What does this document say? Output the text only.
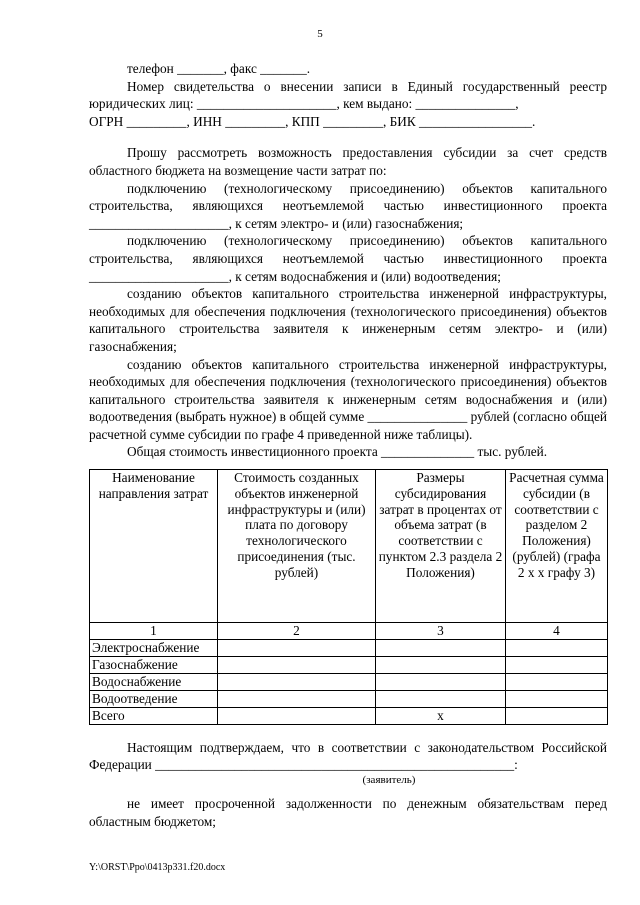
5

телефон _______, факс _______.

Номер свидетельства о внесении записи в Единый государственный реестр юридических лиц: _____________________, кем выдано: _______________,

ОГРН _________, ИНН _________, КПП _________, БИК _________________.

Прошу рассмотреть возможность предоставления субсидии за счет средств областного бюджета на возмещение части затрат по:

подключению (технологическому присоединению) объектов капитального строительства, являющихся неотъемлемой частью инвестиционного проекта _____________________, к сетям электро- и (или) газоснабжения;

подключению (технологическому присоединению) объектов капитального строительства, являющихся неотъемлемой частью инвестиционного проекта _____________________, к сетям водоснабжения и (или) водоотведения;

созданию объектов капитального строительства инженерной инфраструктуры, необходимых для обеспечения подключения (технологического присоединения) объектов капитального строительства заявителя к инженерным сетям электро- и (или) газоснабжения;

созданию объектов капитального строительства инженерной инфраструктуры, необходимых для обеспечения подключения (технологического присоединения) объектов капитального строительства заявителя к инженерным сетям водоснабжения и (или) водоотведения (выбрать нужное) в общей сумме _______________ рублей (согласно общей расчетной сумме субсидии по графе 4 приведенной ниже таблицы).

Общая стоимость инвестиционного проекта ______________ тыс. рублей.

Наименование направления затрат	Стоимость созданных объектов инженерной инфраструктуры и (или) плата по договору технологического присоединения (тыс. рублей)	Размеры субсидирования затрат в процентах от объема затрат (в соответствии с пунктом 2.3 раздела 2 Положения)	Расчетная сумма субсидии (в соответствии с разделом 2 Положения) (рублей) (графа 2 х х графу 3)
1	2	3	4
Электроснабжение			
Газоснабжение			
Водоснабжение			
Водоотведение			
Всего		х	

Настоящим подтверждаем, что в соответствии с законодательством Российской Федерации ______________________________________________________:

(заявитель)

не имеет просроченной задолженности по денежным обязательствам перед областным бюджетом;

Y:\ORST\Ppo\0413p331.f20.docx
